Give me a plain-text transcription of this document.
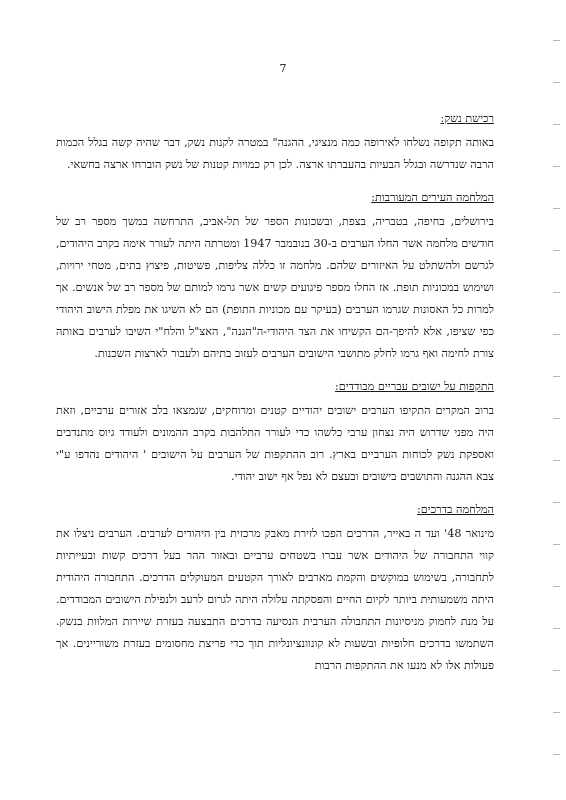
7
רכישת נשק:

באותה תקופה נשלחו לאירופה כמה מנציגי, ההגנה" במטרה לקנות נשק, דבר שהיה קשה בגלל הכמות הרבה שנדרשה ובגלל הבעיות בהעברתו ארצה. לכן רק כמויות קטנות של נשק הוברחו ארצה בחשאי.

המלחמה העירים המעורבות:

בירושלים, בחיפה, בטבריה, בצפת, ובשכונות הספר של תל-אביב, התרחשה במשך מספר רב של חודשים מלחמה אשר החלו הערבים ב-30 בנובמבר 1947 ומטרתה היתה לעורר אימה בקרב היהודים, לגרשם ולהשתלט על האיזורים שלהם. מלחמה זו כללה צליפות, פשיטות, פיצוץ בתים, מטחי ירויות, ושימוש במכוניות תופת. אז החלו מספר פיגועים קשים אשר גרמו למותם של מספר רב של אנשים. אך למרות כל האסונות שגרמו הערבים (בעיקר עם מכוניות התופת) הם לא השיגו את מפלת הישוב היהודי כפי שציפו, אלא להיפך-הם הקשיחו את הצד היהודי-ה"הגנה", האצ"ל והלח"י השיבו לערבים באותה צורת לחימה ואף גרמו לחלק מתושבי הישובים הערבים לעזוב בתיהם ולעבור לארצות השכנות.

התקפות על ישובים עבריים מבודדים:

ברוב המקרים התקיפו הערבים ישובים יהודיים קטנים ומרוחקים, שנמצאו בלב אזורים ערביים, וזאת היה מפני שדרוש היה נצחון ערבי כלשהו כדי לעורר התלהבות בקרב ההמונים ולעודד גיוס מתנדבים ואספקת נשק לכוחות הערביים בארץ. רוב ההתקפות של הערבים על הישובים ' היהודים נהדפו ע"י צבא ההגנה והתושבים בישובים ובעצם לא נפל אף ישוב יהודי.

המלחמה בדרכים:

מינואר 48' ועד ה באייר, הדרכים הפכו לזירת מאבק מרכזית בין היהודים לערבים. הערבים ניצלו את קווי התחבורה של היהודים אשר עברו בשטחים ערביים ובאזור ההר בעל דרכים קשות ובעייתיות לתחבורה, בשימוש במוקשים והקמת מארבים לאורך הקטעים המעוקלים הדרכים. התחבורה היהודית היתה משמעותית ביותר לקיום החיים והפסקתה עלולה היתה לגרום לרעב ולנפילת הישובים המבודדים. על מנת לחמוק מניסיונות התחבולה הערבית הנסיעה בדרכים התבצעה בעזרת שיירות המלוות בנשק. השתמשו בדרכים חלופיות ובשעות לא קונוונציונליות תוך כדי פריצת מחסומים בעזרת משוריינים. אך פעולות אלו לא מנעו את ההתקפות הרבות
